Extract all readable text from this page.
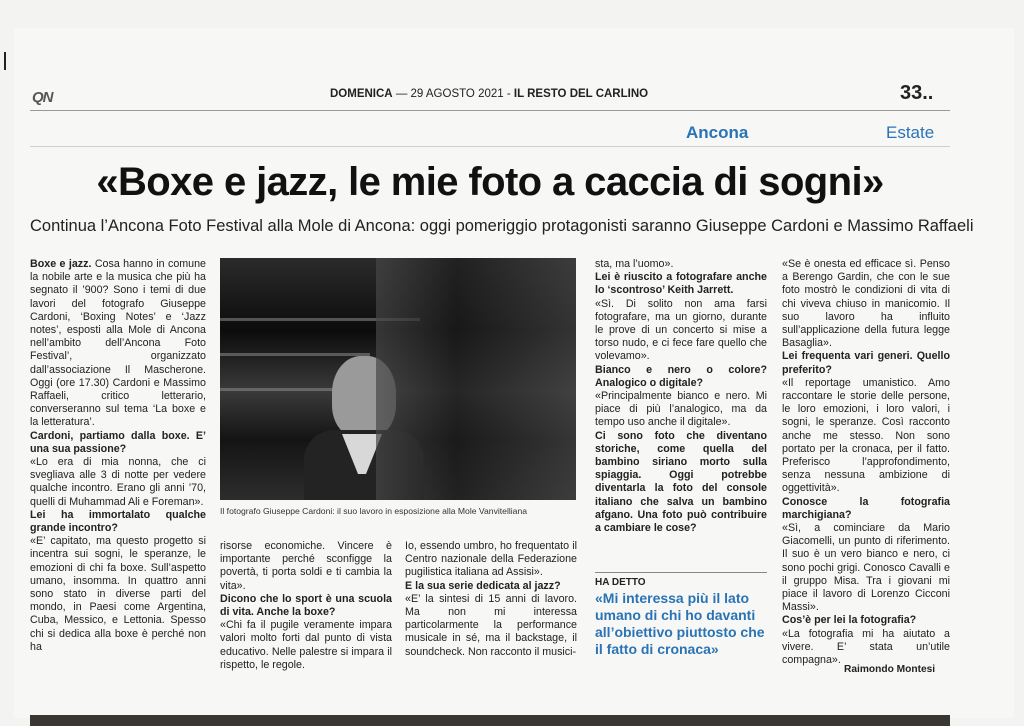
QN	DOMENICA — 29 AGOSTO 2021 - IL RESTO DEL CARLINO	33..
Ancona	Estate
«Boxe e jazz, le mie foto a caccia di sogni»
Continua l’Ancona Foto Festival alla Mole di Ancona: oggi pomeriggio protagonisti saranno Giuseppe Cardoni e Massimo Raffaeli

Boxe e jazz. Cosa hanno in comune la nobile arte e la musica che più ha segnato il ’900? Sono i temi di due lavori del fotografo Giuseppe Cardoni, ‘Boxing Notes’ e ‘Jazz notes’, esposti alla Mole di Ancona nell’ambito dell’Ancona Foto Festival’, organizzato dall’associazione Il Mascherone. Oggi (ore 17.30) Cardoni e Massimo Raffaeli, critico letterario, converseranno sul tema ‘La boxe e la letteratura’.

Cardoni, partiamo dalla boxe. E’ una sua passione?

«Lo era di mia nonna, che ci svegliava alle 3 di notte per vedere qualche incontro. Erano gli anni ’70, quelli di Muhammad Ali e Foreman».

Lei ha immortalato qualche grande incontro?

«E’ capitato, ma questo progetto si incentra sui sogni, le speranze, le emozioni di chi fa boxe. Sull’aspetto umano, insomma. In quattro anni sono stato in diverse parti del mondo, in Paesi come Argentina, Cuba, Messico, e Lettonia. Spesso chi si dedica alla boxe è perché non ha

Il fotografo Giuseppe Cardoni: il suo lavoro in esposizione alla Mole Vanvitelliana

risorse economiche. Vincere è importante perché sconfigge la povertà, ti porta soldi e ti cambia la vita».

Dicono che lo sport è una scuola di vita. Anche la boxe?

«Chi fa il pugile veramente impara valori molto forti dal punto di vista educativo. Nelle palestre si impara il rispetto, le regole.

Io, essendo umbro, ho frequentato il Centro nazionale della Federazione pugilistica italiana ad Assisi».

E la sua serie dedicata al jazz?

«E’ la sintesi di 15 anni di lavoro. Ma non mi interessa particolarmente la performance musicale in sé, ma il backstage, il soundcheck. Non racconto il musici-

sta, ma l’uomo».

Lei è riuscito a fotografare anche lo ‘scontroso’ Keith Jarrett.

«Sì. Di solito non ama farsi fotografare, ma un giorno, durante le prove di un concerto si mise a torso nudo, e ci fece fare quello che volevamo».

Bianco e nero o colore? Analogico o digitale?

«Principalmente bianco e nero. Mi piace di più l’analogico, ma da tempo uso anche il digitale».

Ci sono foto che diventano storiche, come quella del bambino siriano morto sulla spiaggia. Oggi potrebbe diventarla la foto del console italiano che salva un bambino afgano. Una foto può contribuire a cambiare le cose?

HA DETTO
«Mi interessa più il lato umano di chi ho davanti all’obiettivo piuttosto che il fatto di cronaca»

«Se è onesta ed efficace sì. Penso a Berengo Gardin, che con le sue foto mostrò le condizioni di vita di chi viveva chiuso in manicomio. Il suo lavoro ha influito sull’applicazione della futura legge Basaglia».

Lei frequenta vari generi. Quello preferito?

«Il reportage umanistico. Amo raccontare le storie delle persone, le loro emozioni, i loro valori, i sogni, le speranze. Così racconto anche me stesso. Non sono portato per la cronaca, per il fatto. Preferisco l’approfondimento, senza nessuna ambizione di oggettività».

Conosce la fotografia marchigiana?

«Sì, a cominciare da Mario Giacomelli, un punto di riferimento. Il suo è un vero bianco e nero, ci sono pochi grigi. Conosco Cavalli e il gruppo Misa. Tra i giovani mi piace il lavoro di Lorenzo Cicconi Massi».

Cos’è per lei la fotografia?

«La fotografia mi ha aiutato a vivere. E’ stata un’utile compagna».

Raimondo Montesi
